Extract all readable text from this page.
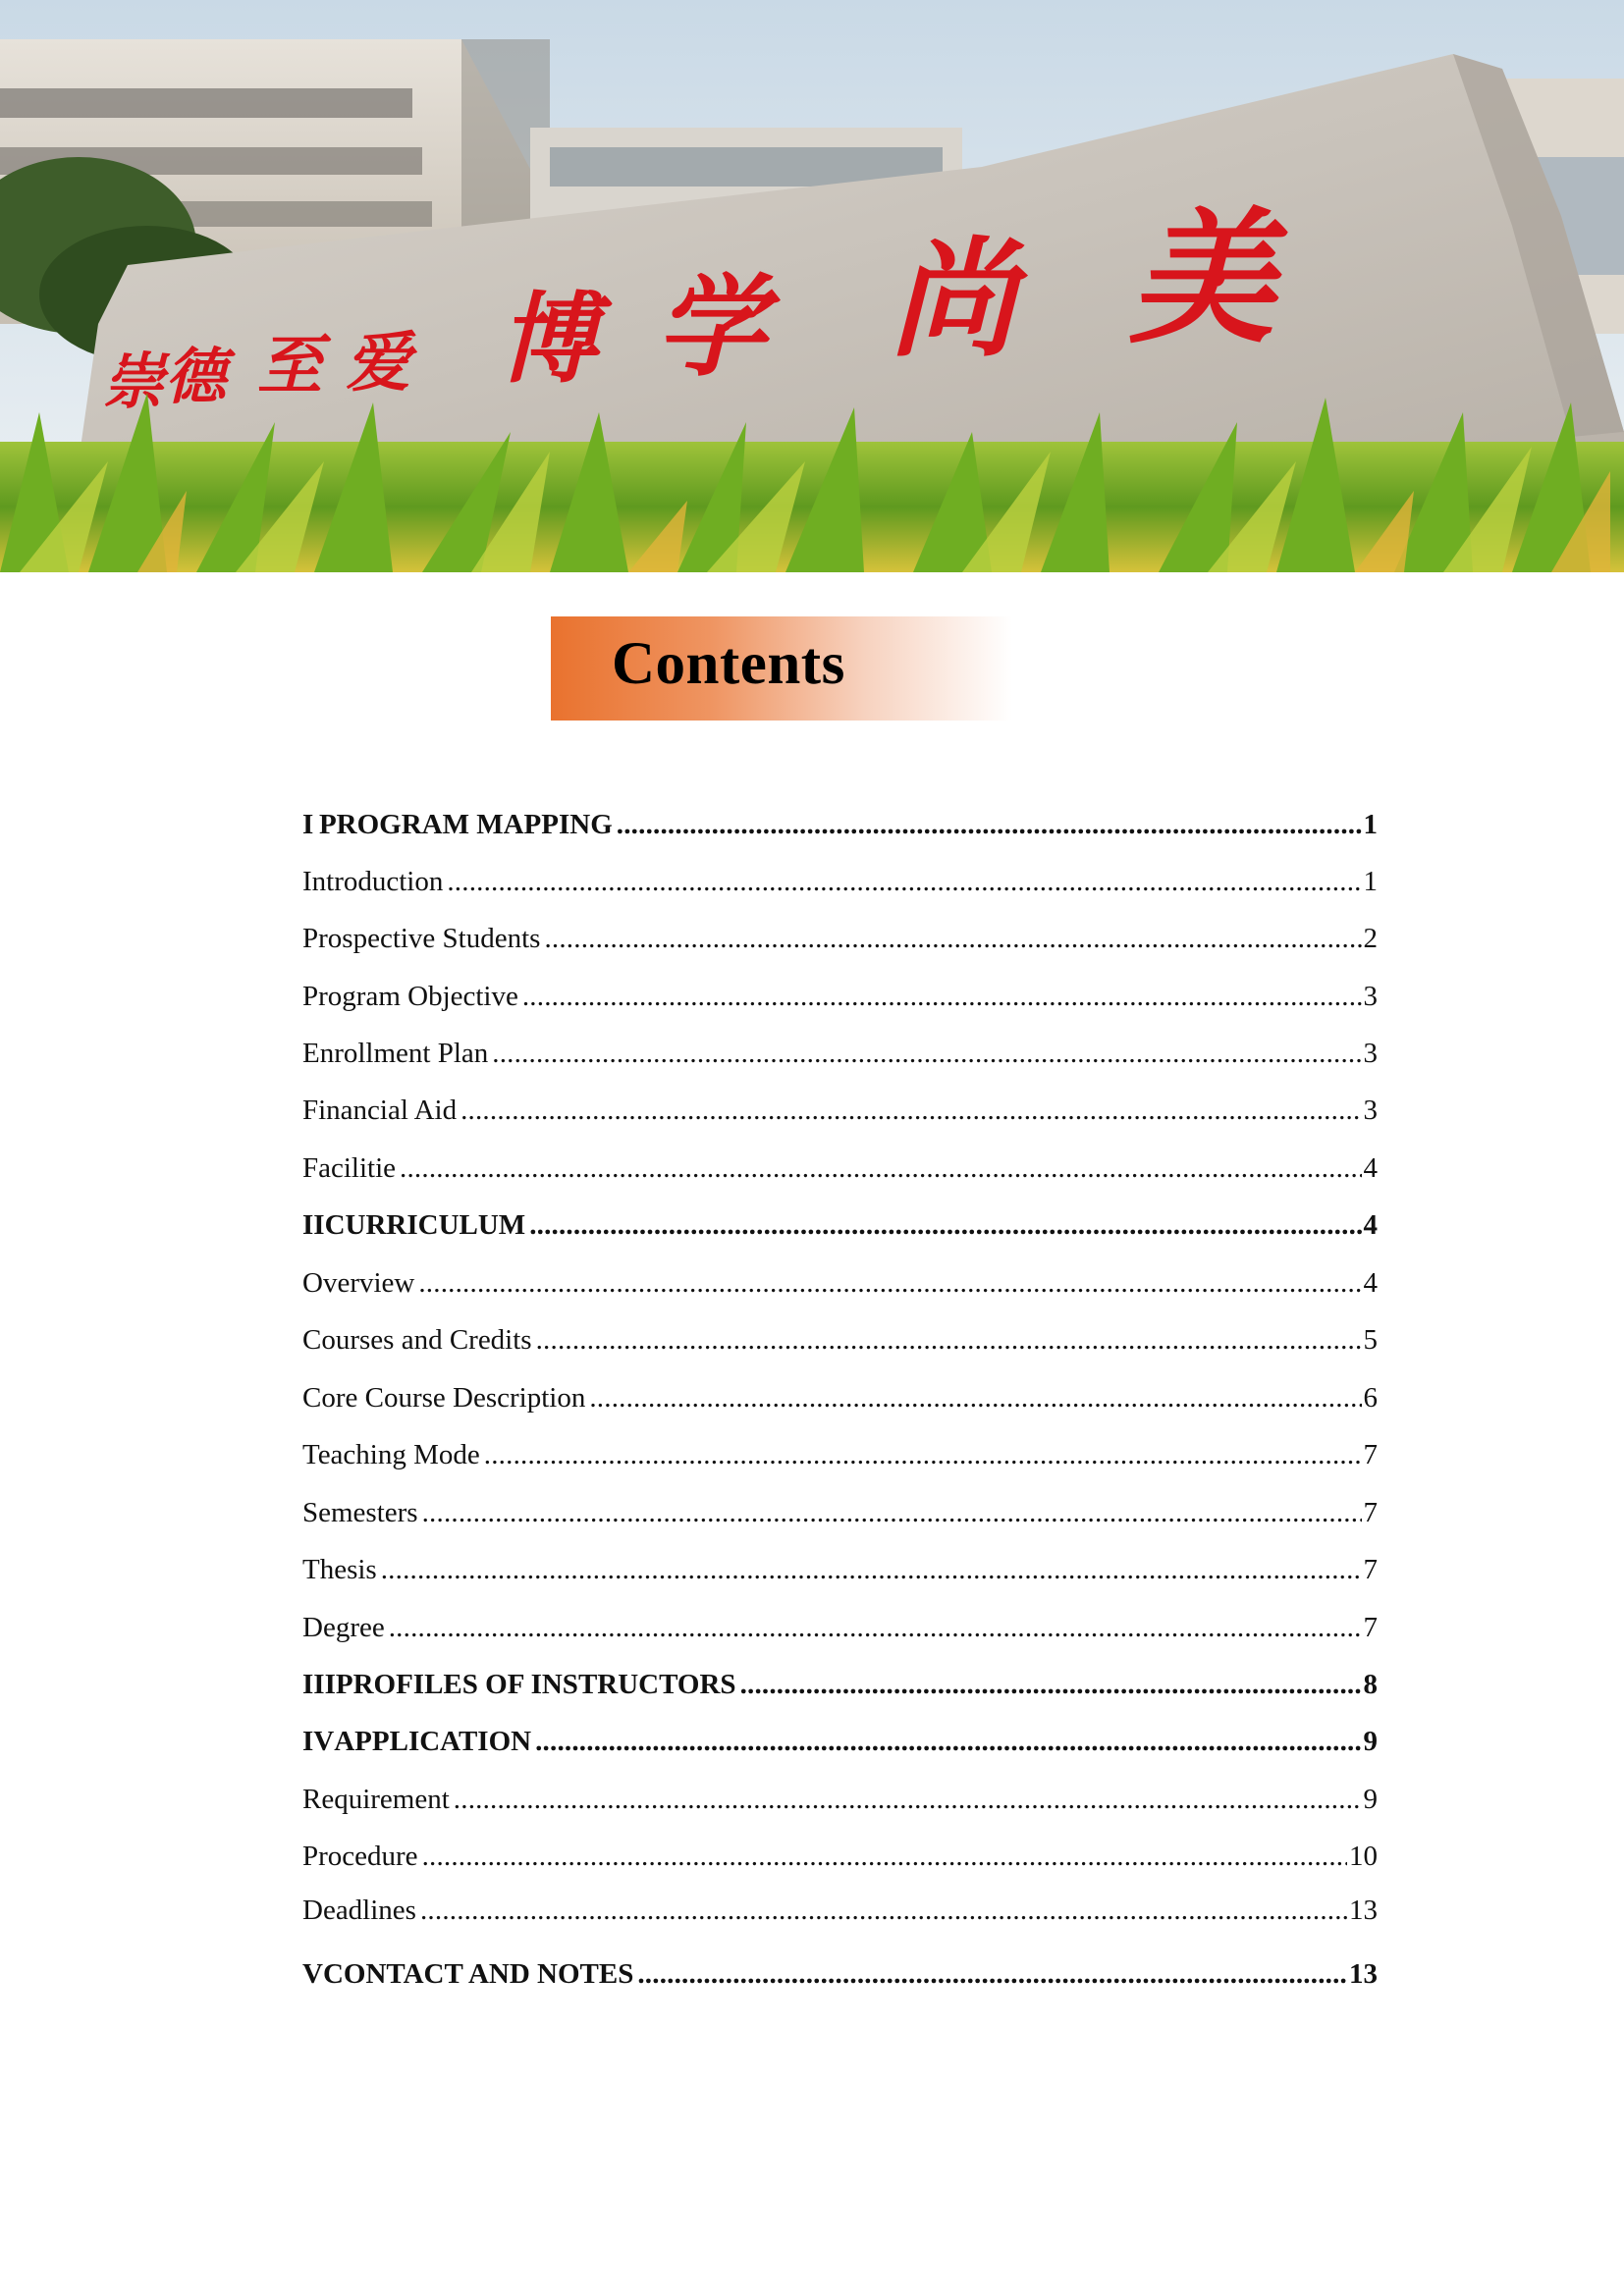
崇 德 至 爱 博 学 尚 美
Contents
I PROGRAM MAPPING .....	1
Introduction .....	1
Prospective Students .....	2
Program Objective .....	3
Enrollment Plan .....	3
Financial Aid .....	3
Facilitie .....	4
II CURRICULUM .....	4
Overview .....	4
Courses and Credits .....	5
Core Course Description .....	6
Teaching Mode .....	7
Semesters .....	7
Thesis .....	7
Degree .....	7
III PROFILES OF INSTRUCTORS .....	8
IV APPLICATION .....	9
Requirement .....	9
Procedure .....	10
Deadlines .....	13
V CONTACT AND NOTES .....	13
